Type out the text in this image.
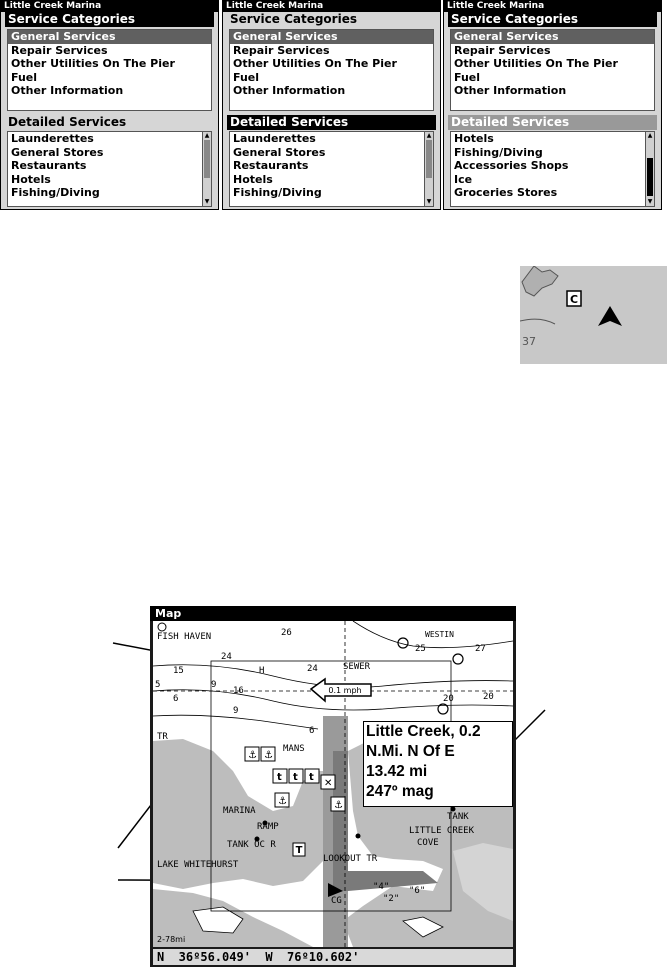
Little Creek Marina
Service Categories
General Services
Repair Services
Other Utilities On The Pier
Fuel
Other Information
Detailed Services
Launderettes
General Stores
Restaurants
Hotels
Fishing/Diving
▲
▼
Little Creek Marina
Service Categories
General Services
Repair Services
Other Utilities On The Pier
Fuel
Other Information
Detailed Services
Launderettes
General Stores
Restaurants
Hotels
Fishing/Diving
▲
▼
Little Creek Marina
Service Categories
General Services
Repair Services
Other Utilities On The Pier
Fuel
Other Information
Detailed Services
Hotels
Fishing/Diving
Accessories Shops
Ice
Groceries Stores
▲
▼
C
37
Map
⚓ ⚓
t t t
✕
⚓	⚓
T
0.1 mph
FISH HAVEN
SEWER
TR
MANS
WESTIN
MARINA
RAMP
TANK OC R
TANK
LITTLE CREEK
COVE
LAKE WHITEHURST
LOOKOUT TR
CG
"4"
"2"
"6"
26
25	27
15
24
H	24
20
9
16
9
6
20
6
5
Little Creek, 0.2
N.Mi. N Of E
13.42 mi
247º mag
2-78mi
N  36º56.049'  W  76º10.602'
